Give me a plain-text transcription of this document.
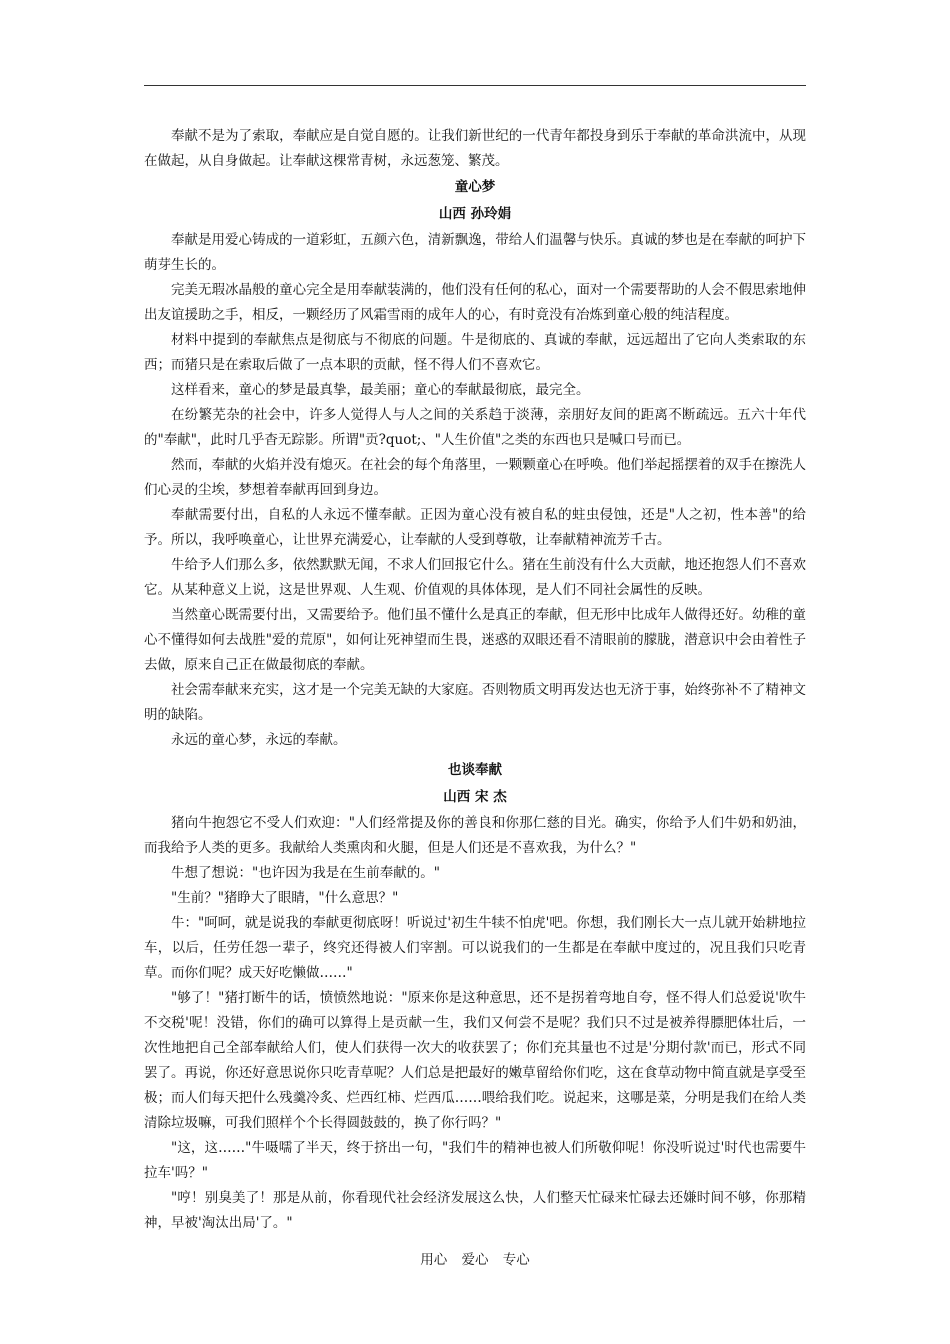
奉献不是为了索取，奉献应是自觉自愿的。让我们新世纪的一代青年都投身到乐于奉献的革命洪流中，从现在做起，从自身做起。让奉献这棵常青树，永远葱笼、繁茂。

童心梦
山西 孙玲娟

奉献是用爱心铸成的一道彩虹，五颜六色，清新飘逸，带给人们温馨与快乐。真诚的梦也是在奉献的呵护下萌芽生长的。

完美无瑕冰晶般的童心完全是用奉献装满的，他们没有任何的私心，面对一个需要帮助的人会不假思索地伸出友谊援助之手，相反，一颗经历了风霜雪雨的成年人的心，有时竟没有冶炼到童心般的纯洁程度。

材料中提到的奉献焦点是彻底与不彻底的问题。牛是彻底的、真诚的奉献，远远超出了它向人类索取的东西；而猪只是在索取后做了一点本职的贡献，怪不得人们不喜欢它。

这样看来，童心的梦是最真挚，最美丽；童心的奉献最彻底，最完全。

在纷繁芜杂的社会中，许多人觉得人与人之间的关系趋于淡薄，亲朋好友间的距离不断疏远。五六十年代的"奉献"，此时几乎杳无踪影。所谓"贡?quot;、"人生价值"之类的东西也只是喊口号而已。

然而，奉献的火焰并没有熄灭。在社会的每个角落里，一颗颗童心在呼唤。他们举起摇摆着的双手在擦洗人们心灵的尘埃，梦想着奉献再回到身边。

奉献需要付出，自私的人永远不懂奉献。正因为童心没有被自私的蛀虫侵蚀，还是"人之初，性本善"的给予。所以，我呼唤童心，让世界充满爱心，让奉献的人受到尊敬，让奉献精神流芳千古。

牛给予人们那么多，依然默默无闻，不求人们回报它什么。猪在生前没有什么大贡献，地还抱怨人们不喜欢它。从某种意义上说，这是世界观、人生观、价值观的具体体现，是人们不同社会属性的反映。

当然童心既需要付出，又需要给予。他们虽不懂什么是真正的奉献，但无形中比成年人做得还好。幼稚的童心不懂得如何去战胜"爱的荒原"，如何让死神望而生畏，迷惑的双眼还看不清眼前的朦胧，潜意识中会由着性子去做，原来自己正在做最彻底的奉献。

社会需奉献来充实，这才是一个完美无缺的大家庭。否则物质文明再发达也无济于事，始终弥补不了精神文明的缺陷。

永远的童心梦，永远的奉献。

也谈奉献
山西 宋 杰

猪向牛抱怨它不受人们欢迎："人们经常提及你的善良和你那仁慈的目光。确实，你给予人们牛奶和奶油，而我给予人类的更多。我献给人类熏肉和火腿，但是人们还是不喜欢我，为什么？"

牛想了想说："也许因为我是在生前奉献的。"

"生前？"猪睁大了眼睛，"什么意思？"

牛："呵呵，就是说我的奉献更彻底呀！听说过'初生牛犊不怕虎'吧。你想，我们刚长大一点儿就开始耕地拉车，以后，任劳任怨一辈子，终究还得被人们宰割。可以说我们的一生都是在奉献中度过的，况且我们只吃青草。而你们呢？成天好吃懒做……"

"够了！"猪打断牛的话，愤愤然地说："原来你是这种意思，还不是拐着弯地自夸，怪不得人们总爱说'吹牛不交税'呢！没错，你们的确可以算得上是贡献一生，我们又何尝不是呢？我们只不过是被养得膘肥体壮后，一次性地把自己全部奉献给人们，使人们获得一次大的收获罢了；你们充其量也不过是'分期付款'而已，形式不同罢了。再说，你还好意思说你只吃青草呢？人们总是把最好的嫩草留给你们吃，这在食草动物中简直就是享受至极；而人们每天把什么残羹冷炙、烂西红柿、烂西瓜……喂给我们吃。说起来，这哪是菜，分明是我们在给人类清除垃圾嘛，可我们照样个个长得圆鼓鼓的，换了你行吗？"

"这，这……"牛嗫嚅了半天，终于挤出一句，"我们牛的精神也被人们所敬仰呢！你没听说过'时代也需要牛拉车'吗？"

"哼！别臭美了！那是从前，你看现代社会经济发展这么快，人们整天忙碌来忙碌去还嫌时间不够，你那精神，早被'淘汰出局'了。"

用心 爱心 专心
